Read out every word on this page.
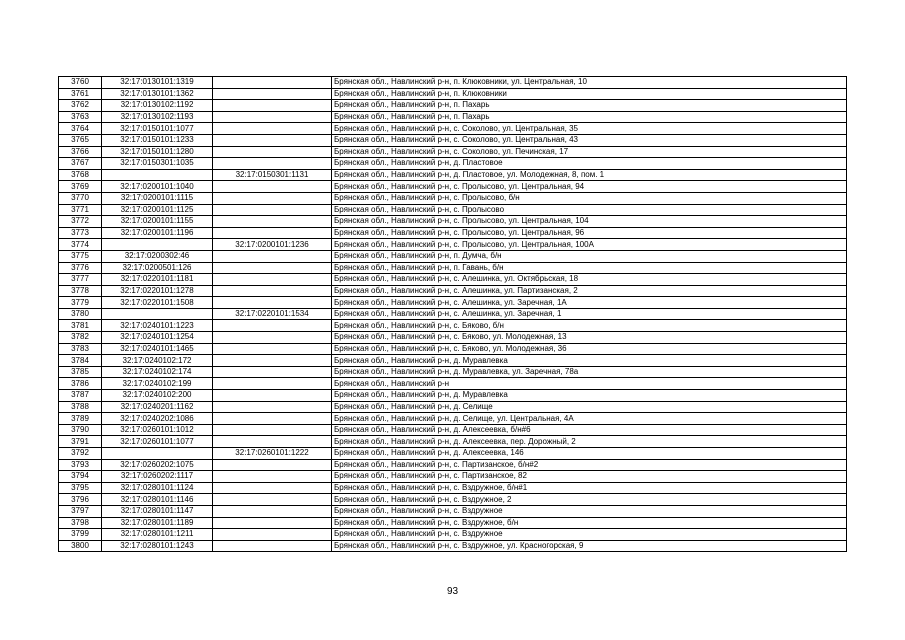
3760	32:17:0130101:1319		Брянская обл., Навлинский р-н, п. Клюковники, ул. Центральная, 10
3761	32:17:0130101:1362		Брянская обл., Навлинский р-н, п. Клюковники
3762	32:17:0130102:1192		Брянская обл., Навлинский р-н, п. Пахарь
3763	32:17:0130102:1193		Брянская обл., Навлинский р-н, п. Пахарь
3764	32:17:0150101:1077		Брянская обл., Навлинский р-н, с. Соколово, ул. Центральная, 35
3765	32:17:0150101:1233		Брянская обл., Навлинский р-н, с. Соколово, ул. Центральная, 43
3766	32:17:0150101:1280		Брянская обл., Навлинский р-н, с. Соколово, ул. Печинская, 17
3767	32:17:0150301:1035		Брянская обл., Навлинский р-н, д. Пластовое
3768		32:17:0150301:1131	Брянская обл., Навлинский р-н, д. Пластовое, ул. Молодежная, 8, пом. 1
3769	32:17:0200101:1040		Брянская обл., Навлинский р-н, с. Пролысово, ул. Центральная, 94
3770	32:17:0200101:1115		Брянская обл., Навлинский р-н, с. Пролысово, б/н
3771	32:17:0200101:1125		Брянская обл., Навлинский р-н, с. Пролысово
3772	32:17:0200101:1155		Брянская обл., Навлинский р-н, с. Пролысово, ул. Центральная, 104
3773	32:17:0200101:1196		Брянская обл., Навлинский р-н, с. Пролысово, ул. Центральная, 96
3774		32:17:0200101:1236	Брянская обл., Навлинский р-н, с. Пролысово, ул. Центральная, 100А
3775	32:17:0200302:46		Брянская обл., Навлинский р-н, п. Думча, б/н
3776	32:17:0200501:126		Брянская обл., Навлинский р-н, п. Гавань, б/н
3777	32:17:0220101:1181		Брянская обл., Навлинский р-н, с. Алешинка, ул. Октябрьская, 18
3778	32:17:0220101:1278		Брянская обл., Навлинский р-н, с. Алешинка, ул. Партизанская, 2
3779	32:17:0220101:1508		Брянская обл., Навлинский р-н, с. Алешинка, ул. Заречная, 1А
3780		32:17:0220101:1534	Брянская обл., Навлинский р-н, с. Алешинка, ул. Заречная, 1
3781	32:17:0240101:1223		Брянская обл., Навлинский р-н, с. Бяково, б/н
3782	32:17:0240101:1254		Брянская обл., Навлинский р-н, с. Бяково, ул. Молодежная, 13
3783	32:17:0240101:1465		Брянская обл., Навлинский р-н, с. Бяково, ул. Молодежная, 36
3784	32:17:0240102:172		Брянская обл., Навлинский р-н, д. Муравлевка
3785	32:17:0240102:174		Брянская обл., Навлинский р-н, д. Муравлевка, ул. Заречная, 78а
3786	32:17:0240102:199		Брянская обл., Навлинский р-н
3787	32:17:0240102:200		Брянская обл., Навлинский р-н, д. Муравлевка
3788	32:17:0240201:1162		Брянская обл., Навлинский р-н, д. Селище
3789	32:17:0240202:1086		Брянская обл., Навлинский р-н, д. Селище, ул. Центральная, 4А
3790	32:17:0260101:1012		Брянская обл., Навлинский р-н, д. Алексеевка, б/н#6
3791	32:17:0260101:1077		Брянская обл., Навлинский р-н, д. Алексеевка, пер. Дорожный, 2
3792		32:17:0260101:1222	Брянская обл., Навлинский р-н, д. Алексеевка, 146
3793	32:17:0260202:1075		Брянская обл., Навлинский р-н, с. Партизанское, б/н#2
3794	32:17:0260202:1117		Брянская обл., Навлинский р-н, с. Партизанское, 82
3795	32:17:0280101:1124		Брянская обл., Навлинский р-н, с. Вздружное, б/н#1
3796	32:17:0280101:1146		Брянская обл., Навлинский р-н, с. Вздружное, 2
3797	32:17:0280101:1147		Брянская обл., Навлинский р-н, с. Вздружное
3798	32:17:0280101:1189		Брянская обл., Навлинский р-н, с. Вздружное, б/н
3799	32:17:0280101:1211		Брянская обл., Навлинский р-н, с. Вздружное
3800	32:17:0280101:1243		Брянская обл., Навлинский р-н, с. Вздружное, ул. Красногорская, 9
93
